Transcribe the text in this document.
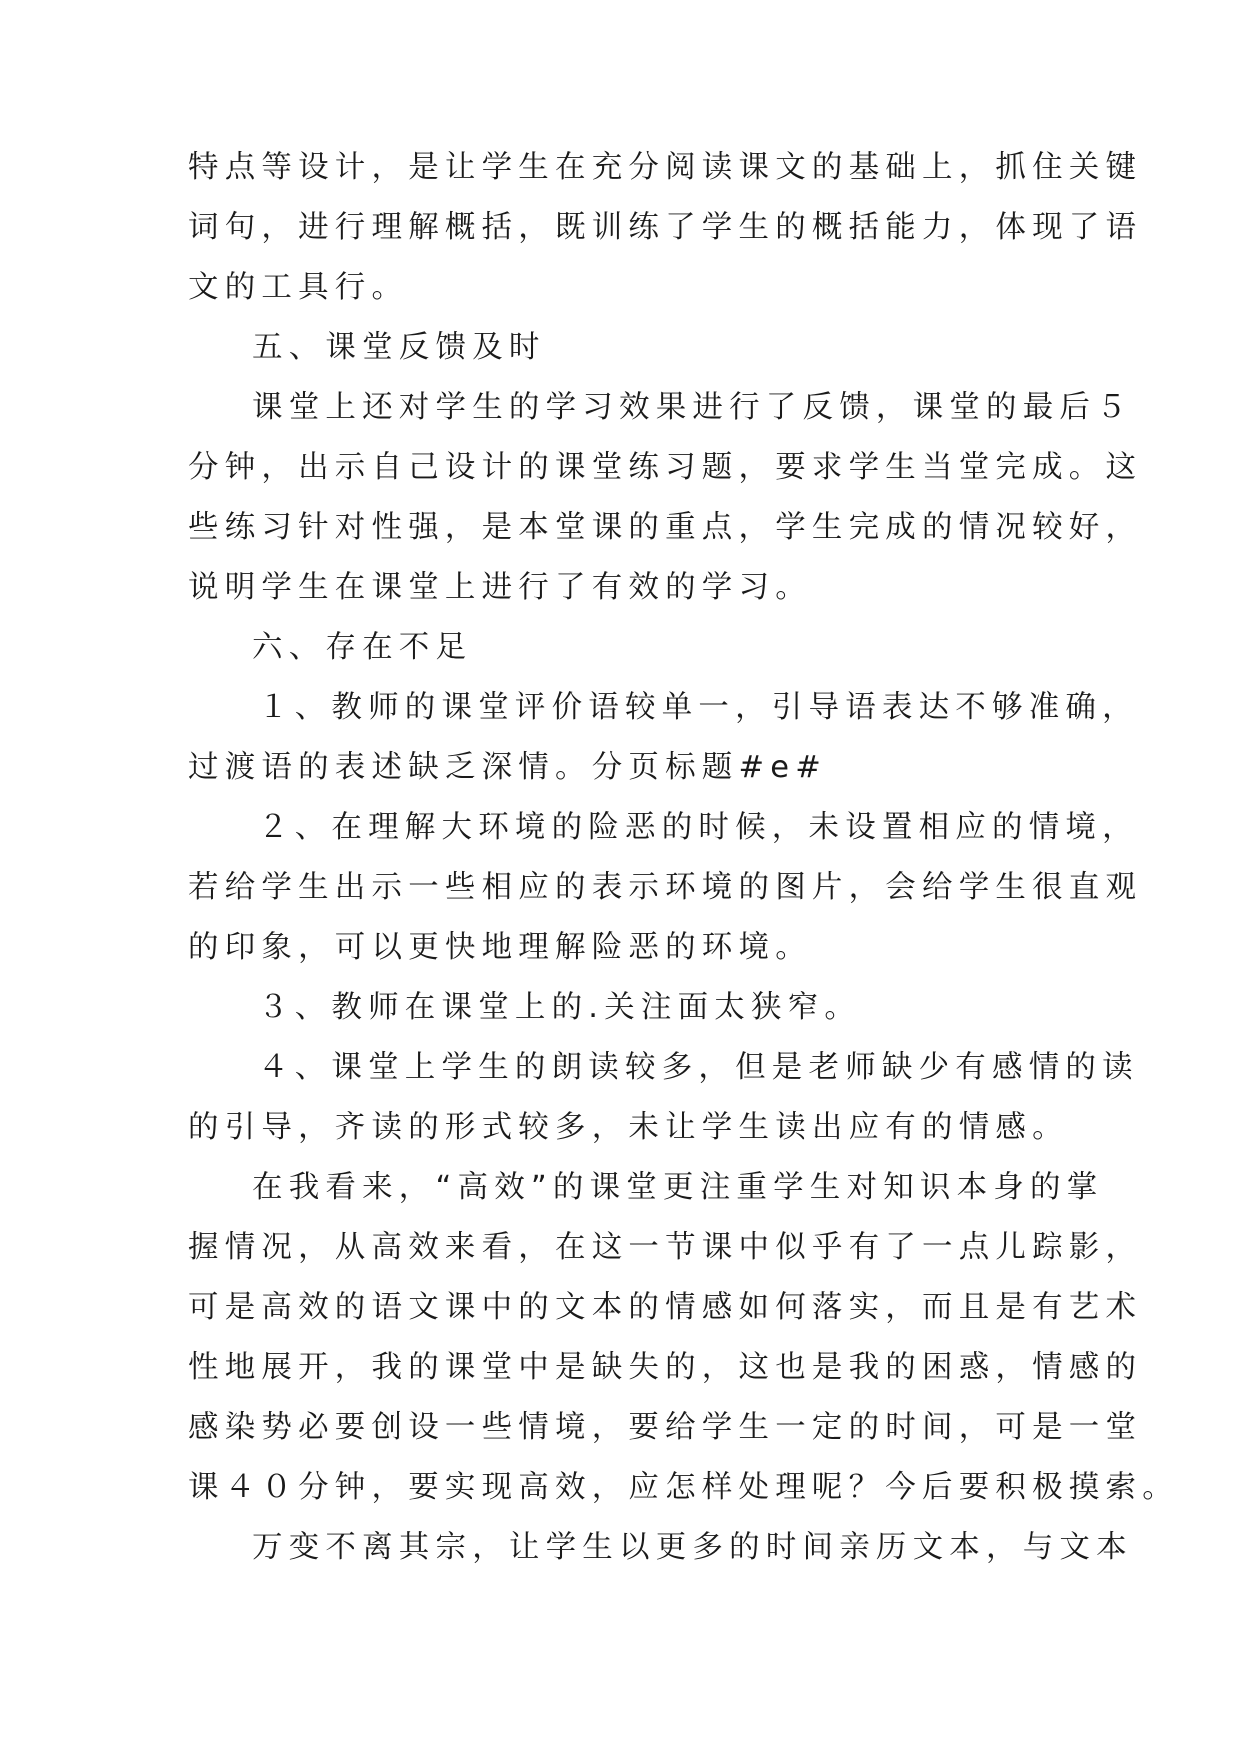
特点等设计，是让学生在充分阅读课文的基础上，抓住关键

词句，进行理解概括，既训练了学生的概括能力，体现了语

文的工具行。

五、课堂反馈及时

课堂上还对学生的学习效果进行了反馈，课堂的最后５

分钟，出示自己设计的课堂练习题，要求学生当堂完成。这

些练习针对性强，是本堂课的重点，学生完成的情况较好，

说明学生在课堂上进行了有效的学习。

六、存在不足

１、教师的课堂评价语较单一，引导语表达不够准确，

过渡语的表述缺乏深情。分页标题#e#

２、在理解大环境的险恶的时候，未设置相应的情境，

若给学生出示一些相应的表示环境的图片，会给学生很直观

的印象，可以更快地理解险恶的环境。

３、教师在课堂上的.关注面太狭窄。

４、课堂上学生的朗读较多，但是老师缺少有感情的读

的引导，齐读的形式较多，未让学生读出应有的情感。

在我看来，“高效”的课堂更注重学生对知识本身的掌

握情况，从高效来看，在这一节课中似乎有了一点儿踪影，

可是高效的语文课中的文本的情感如何落实，而且是有艺术

性地展开，我的课堂中是缺失的，这也是我的困惑，情感的

感染势必要创设一些情境，要给学生一定的时间，可是一堂

课４０分钟，要实现高效，应怎样处理呢？今后要积极摸索。

万变不离其宗，让学生以更多的时间亲历文本，与文本
